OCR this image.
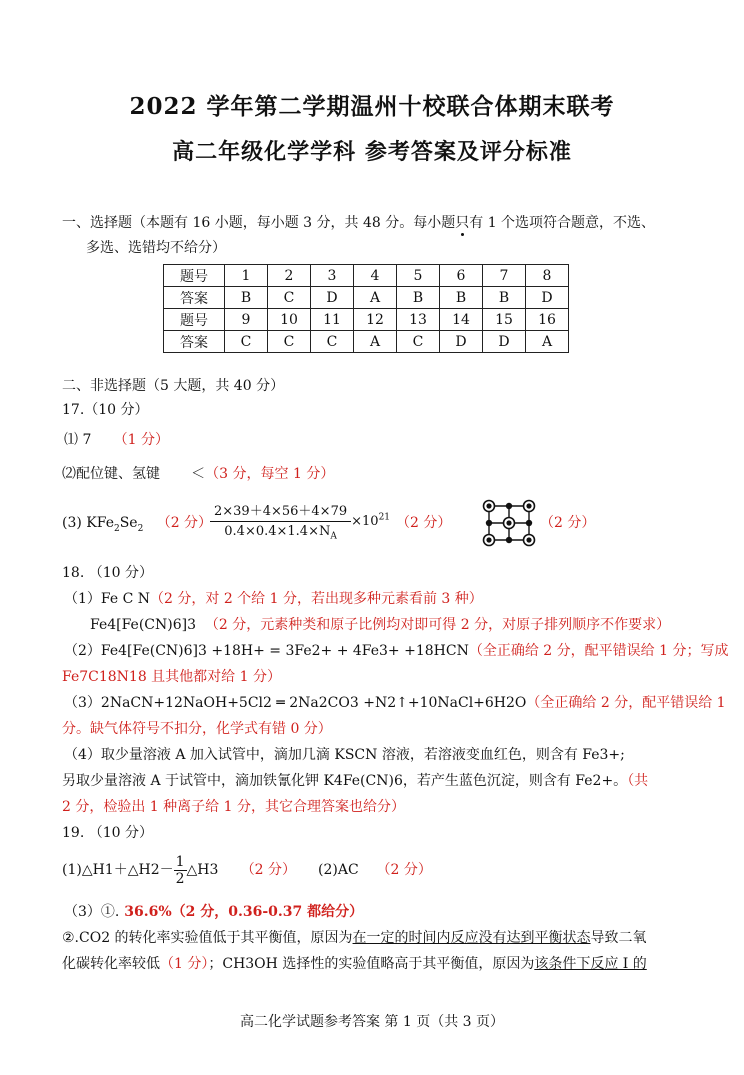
2022 学年第二学期温州十校联合体期末联考
高二年级化学学科 参考答案及评分标准
一、选择题（本题有 16 小题，每小题 3 分，共 48 分。每小题只有 1 个选项符合题意，不选、
多选、选错均不给分）
题号	1	2	3	4	5	6	7	8
答案	B	C	D	A	B	B	B	D
题号	9	10	11	12	13	14	15	16
答案	C	C	C	A	C	D	D	A
二、非选择题（5 大题，共 40 分）
17.（10 分）
⑴ 7 （1 分）
⑵配位键、氢键 ＜（3 分，每空 1 分）
(3) $KFe_2Se_2$ （2 分）
$\frac{2\times 39+4\times 56+4\times 79}{0.4\times 0.4\times 1.4\times N_A} \times 10^{21}$ （2 分）	（2 分）
18. （10 分）
（1）Fe C N（2 分，对 2 个给 1 分，若出现多种元素看前 3 种）
Fe4[Fe(CN)6]3 （2 分，元素种类和原子比例均对即可得 2 分，对原子排列顺序不作要求）
（2）Fe4[Fe(CN)6]3 +18H+ = 3Fe2+ + 4Fe3+ +18HCN（全正确给 2 分，配平错误给 1 分；写成
Fe7C18N18 且其他都对给 1 分）
（3）2NaCN+12NaOH+5Cl2 ═ 2Na2CO3 +N2↑+10NaCl+6H2O（全正确给 2 分，配平错误给 1
分。缺气体符号不扣分，化学式有错 0 分）
（4）取少量溶液 A 加入试管中，滴加几滴 KSCN 溶液，若溶液变血红色，则含有 Fe3+;
另取少量溶液 A 于试管中，滴加铁氰化钾 K4Fe(CN)6，若产生蓝色沉淀，则含有 Fe2+。（共
2 分，检验出 1 种离子给 1 分，其它合理答案也给分）
19. （10 分）
(1)△H1＋△H2－ $\frac{1}{2}$ △H3 （2 分） (2)AC （2 分）
（3）①. 36.6%（2 分，0.36-0.37 都给分）
②.CO2 的转化率实验值低于其平衡值，原因为在一定的时间内反应没有达到平衡状态导致二氧
化碳转化率较低（1 分）；CH3OH 选择性的实验值略高于其平衡值，原因为该条件下反应 I 的
高二化学试题参考答案 第 1 页（共 3 页）
